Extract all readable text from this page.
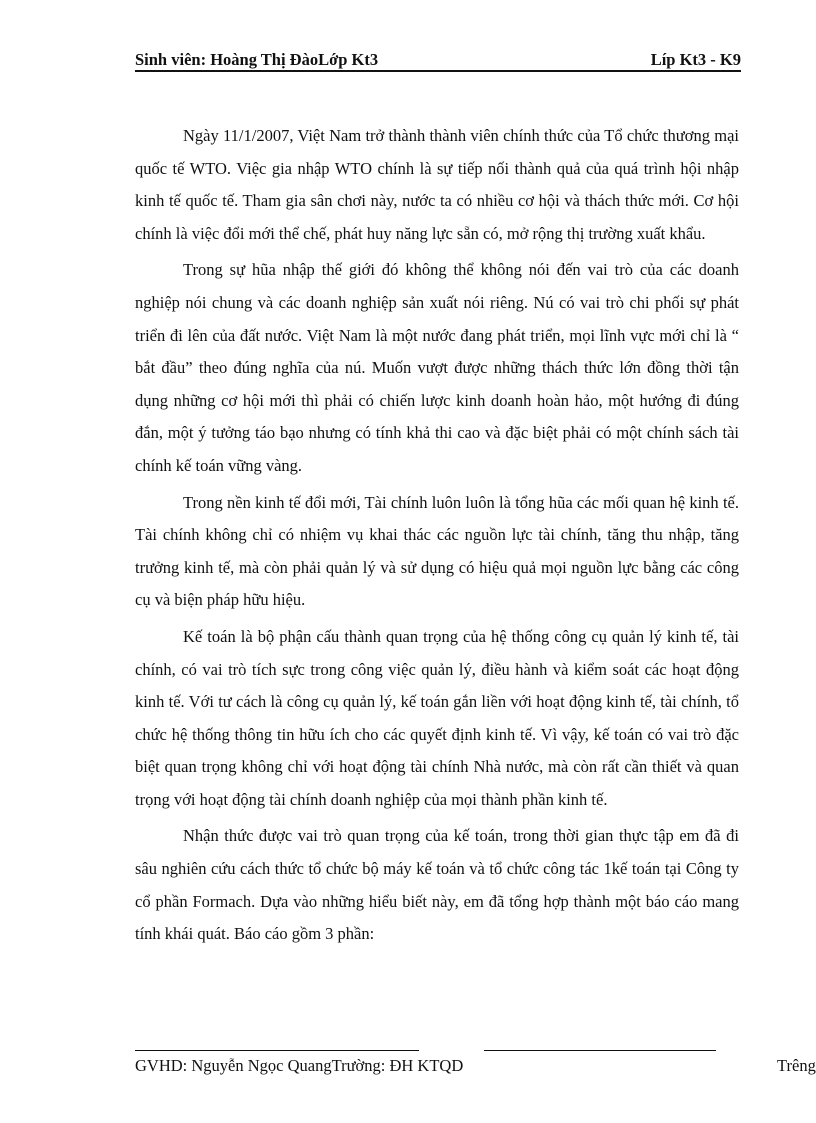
Sinh viên: Hoàng Thị ĐàoLớp Kt3	Líp Kt3 - K9

Ngày 11/1/2007, Việt Nam trở thành thành viên chính thức của Tổ chức thương mại quốc tế WTO. Việc gia nhập WTO chính là sự tiếp nối thành quả của quá trình hội nhập kinh tế quốc tế. Tham gia sân chơi này, nước ta có nhiều cơ hội và thách thức mới. Cơ hội chính là việc đổi mới thể chế, phát huy năng lực sẵn có, mở rộng thị trường xuất khẩu.

Trong sự hũa nhập thế giới đó không thể không nói đến vai trò của các doanh nghiệp nói chung và các doanh nghiệp sản xuất nói riêng. Nú có vai trò chi phối sự phát triển đi lên của đất nước. Việt Nam là một nước đang phát triển, mọi lĩnh vực mới chỉ là “ bắt đầu” theo đúng nghĩa của nú. Muốn vượt được những thách thức lớn đồng thời tận dụng những cơ hội mới thì phải có chiến lược kinh doanh hoàn hảo, một hướng đi đúng đắn, một ý tưởng táo bạo nhưng có tính khả thi cao và đặc biệt phải có một chính sách tài chính kế toán vững vàng.

Trong nền kinh tế đổi mới, Tài chính luôn luôn là tổng hũa các mối quan hệ kinh tế. Tài chính không chỉ có nhiệm vụ khai thác các nguồn lực tài chính, tăng thu nhập, tăng trưởng kinh tế, mà còn phải quản lý và sử dụng có hiệu quả mọi nguồn lực bằng các công cụ và biện pháp hữu hiệu.

Kế toán là bộ phận cấu thành quan trọng của hệ thống công cụ quản lý kinh tế, tài chính, có vai trò tích sực trong công việc quản lý, điều hành và kiểm soát các hoạt động kinh tế. Với tư cách là công cụ quản lý, kế toán gắn liền với hoạt động kinh tế, tài chính, tổ chức hệ thống thông tin hữu ích cho các quyết định kinh tế. Vì vậy, kế toán có vai trò đặc biệt quan trọng không chỉ với hoạt động tài chính Nhà nước, mà còn rất cần thiết và quan trọng với hoạt động tài chính doanh nghiệp của mọi thành phần kinh tế.

Nhận thức được vai trò quan trọng của kế toán, trong thời gian thực tập em đã đi sâu nghiên cứu cách thức tổ chức bộ máy kế toán và tổ chức công tác 1kế toán tại Công ty cổ phần Formach. Dựa vào những hiểu biết này, em đã tổng hợp thành một báo cáo mang tính khái quát. Báo cáo gồm 3 phần:

GVHD: Nguyễn Ngọc QuangTrường: ĐH KTQD	Trêng
